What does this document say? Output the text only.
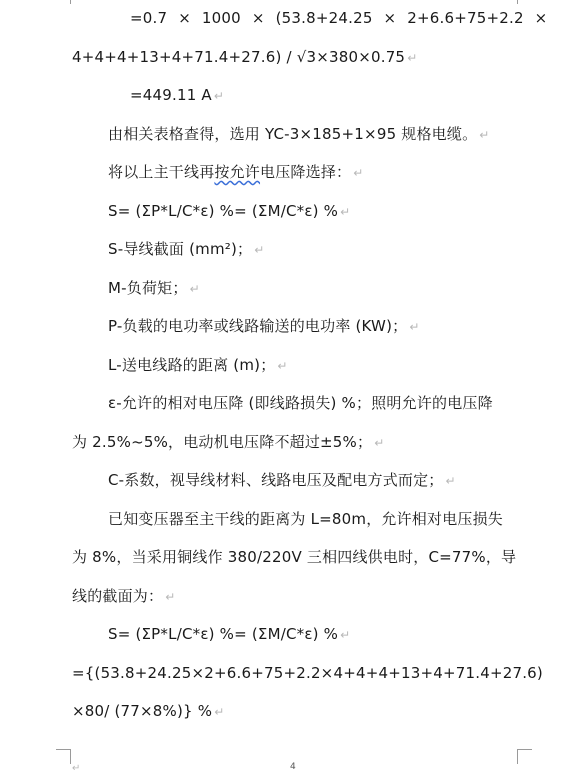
=0.7 × 1000 × (53.8+24.25 × 2+6.6+75+2.2 ×
4+4+4+13+4+71.4+27.6) / √3×380×0.75 ↵
=449.11 A ↵
由相关表格查得，选用 YC-3×185+1×95 规格电缆。 ↵
将以上主干线再按允许电压降选择： ↵
S= (ΣP*L/C*ε) %= (ΣM/C*ε) % ↵
S-导线截面 (mm²)； ↵
M-负荷矩； ↵
P-负载的电功率或线路输送的电功率 (KW)； ↵
L-送电线路的距离 (m)； ↵
ε-允许的相对电压降 (即线路损失) %；照明允许的电压降
为 2.5%~5%，电动机电压降不超过±5%； ↵
C-系数，视导线材料、线路电压及配电方式而定； ↵
已知变压器至主干线的距离为 L=80m，允许相对电压损失
为 8%，当采用铜线作 380/220V 三相四线供电时，C=77%，导
线的截面为： ↵
S= (ΣP*L/C*ε) %= (ΣM/C*ε) % ↵
={(53.8+24.25×2+6.6+75+2.2×4+4+4+13+4+71.4+27.6)
×80/ (77×8%)} % ↵
↵	4
